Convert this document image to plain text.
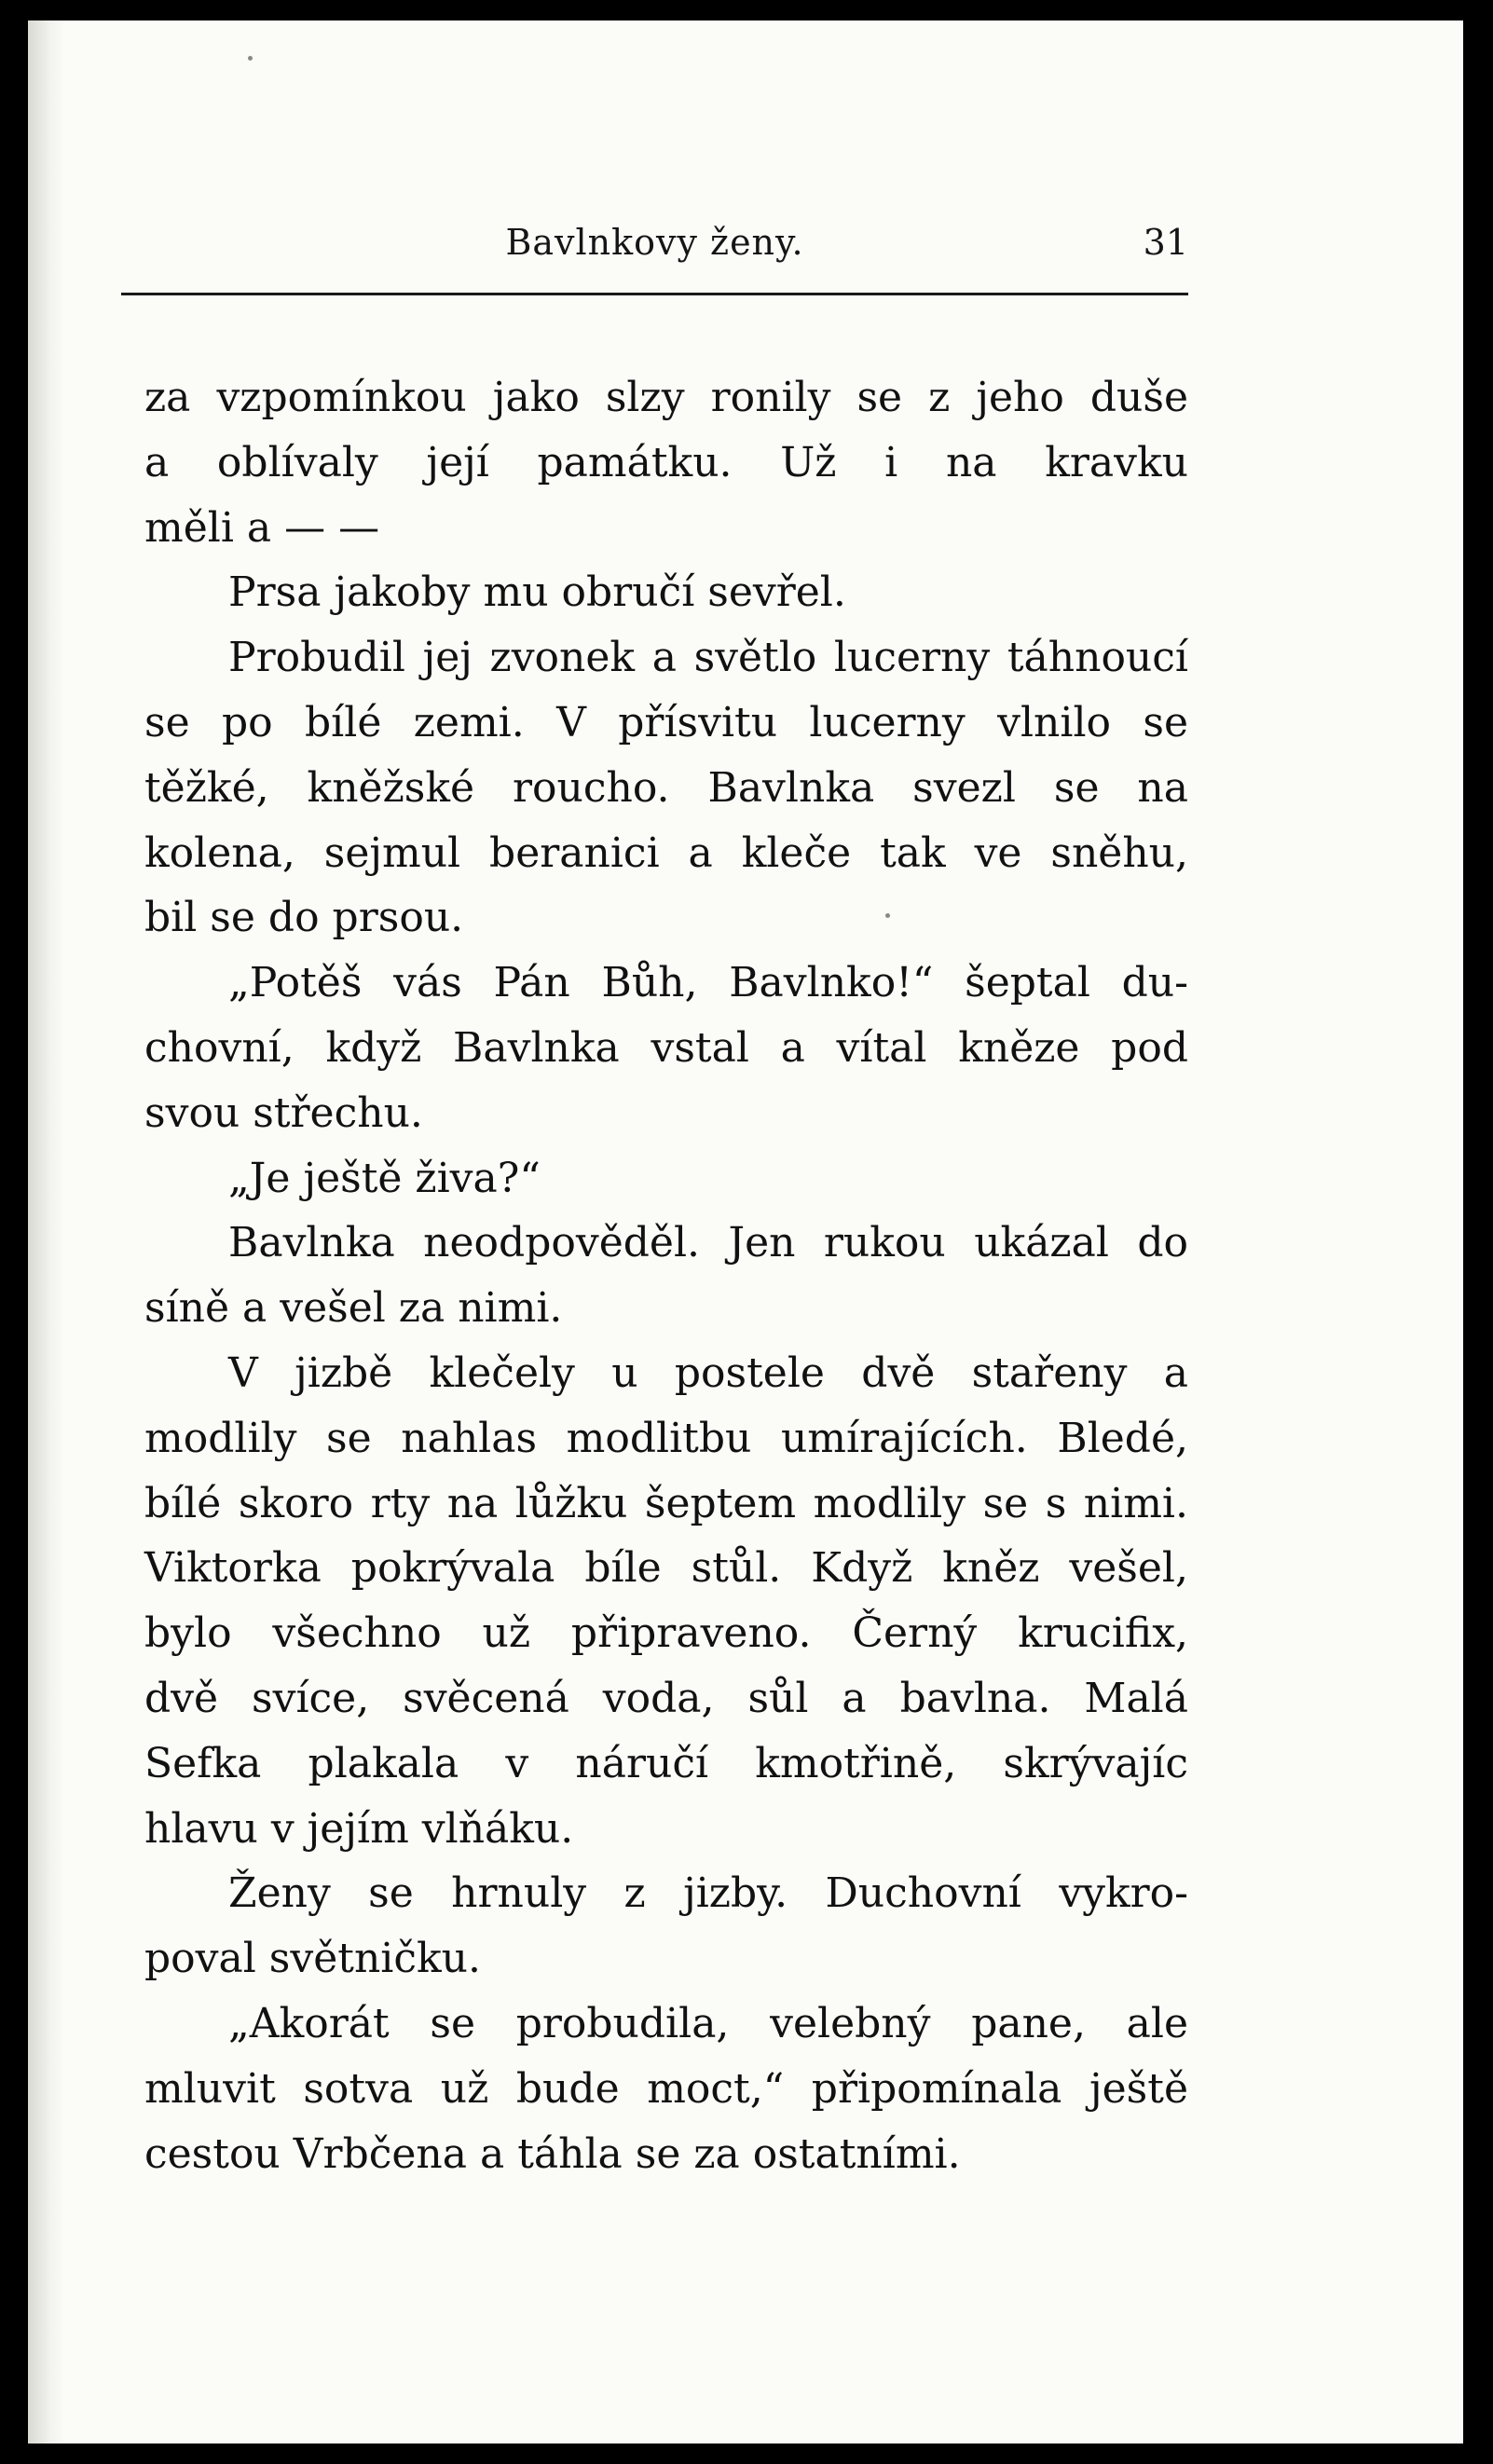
Bavlnkovy ženy.	31
za vzpomínkou jako slzy ronily se z jeho duše
a oblívaly její památku. Už i na kravku
měli a — —
Prsa jakoby mu obručí sevřel.
Probudil jej zvonek a světlo lucerny táhnoucí
se po bílé zemi. V přísvitu lucerny vlnilo se
těžké, kněžské roucho. Bavlnka svezl se na
kolena, sejmul beranici a kleče tak ve sněhu,
bil se do prsou.
„Potěš vás Pán Bůh, Bavlnko!“ šeptal du-
chovní, když Bavlnka vstal a vítal kněze pod
svou střechu.
„Je ještě živa?“
Bavlnka neodpověděl. Jen rukou ukázal do
síně a vešel za nimi.
V jizbě klečely u postele dvě stařeny a
modlily se nahlas modlitbu umírajících. Bledé,
bílé skoro rty na lůžku šeptem modlily se s nimi.
Viktorka pokrývala bíle stůl. Když kněz vešel,
bylo všechno už připraveno. Černý krucifix,
dvě svíce, svěcená voda, sůl a bavlna. Malá
Sefka plakala v náručí kmotřině, skrývajíc
hlavu v jejím vlňáku.
Ženy se hrnuly z jizby. Duchovní vykro-
poval světničku.
„Akorát se probudila, velebný pane, ale
mluvit sotva už bude moct,“ připomínala ještě
cestou Vrbčena a táhla se za ostatními.
